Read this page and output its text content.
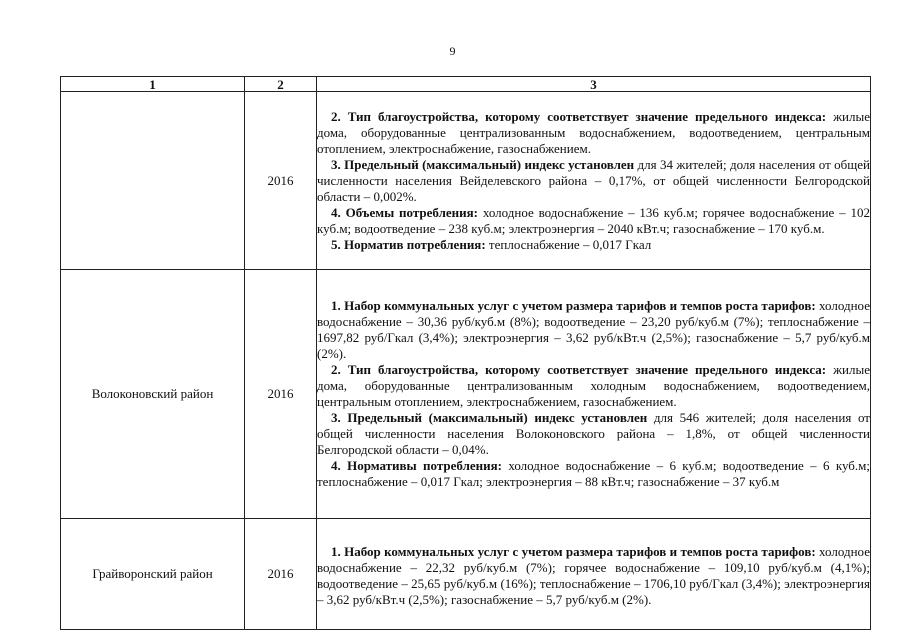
9
1	2	3
	2016	2. Тип благоустройства, которому соответствует значение предельного индекса: жилые дома, оборудованные централизованным водоснабжением, водоотведением, центральным отоплением, электроснабжение, газоснабжением.

3. Предельный (максимальный) индекс установлен для 34 жителей; доля населения от общей численности населения Вейделевского района – 0,17%, от общей численности Белгородской области – 0,002%.

4. Объемы потребления: холодное водоснабжение – 136 куб.м; горячее водоснабжение – 102 куб.м; водоотведение – 238 куб.м; электроэнергия – 2040 кВт.ч; газоснабжение – 170 куб.м.

5. Норматив потребления: теплоснабжение – 0,017 Гкал

Волоконовский район	2016	1. Набор коммунальных услуг с учетом размера тарифов и темпов роста тарифов: холодное водоснабжение – 30,36 руб/куб.м (8%); водоотведение – 23,20 руб/куб.м (7%); теплоснабжение – 1697,82 руб/Гкал (3,4%); электроэнергия – 3,62 руб/кВт.ч (2,5%); газоснабжение – 5,7 руб/куб.м (2%).

2. Тип благоустройства, которому соответствует значение предельного индекса: жилые дома, оборудованные централизованным холодным водоснабжением, водоотведением, центральным отоплением, электроснабжением, газоснабжением.

3. Предельный (максимальный) индекс установлен для 546 жителей; доля населения от общей численности населения Волоконовского района – 1,8%, от общей численности Белгородской области – 0,04%.

4. Нормативы потребления: холодное водоснабжение – 6 куб.м; водоотведение – 6 куб.м; теплоснабжение – 0,017 Гкал; электроэнергия – 88 кВт.ч; газоснабжение – 37 куб.м

Грайворонский район	2016	1. Набор коммунальных услуг с учетом размера тарифов и темпов роста тарифов: холодное водоснабжение – 22,32 руб/куб.м (7%); горячее водоснабжение – 109,10 руб/куб.м (4,1%); водоотведение – 25,65 руб/куб.м (16%); теплоснабжение – 1706,10 руб/Гкал (3,4%); электроэнергия – 3,62 руб/кВт.ч (2,5%); газоснабжение – 5,7 руб/куб.м (2%).
